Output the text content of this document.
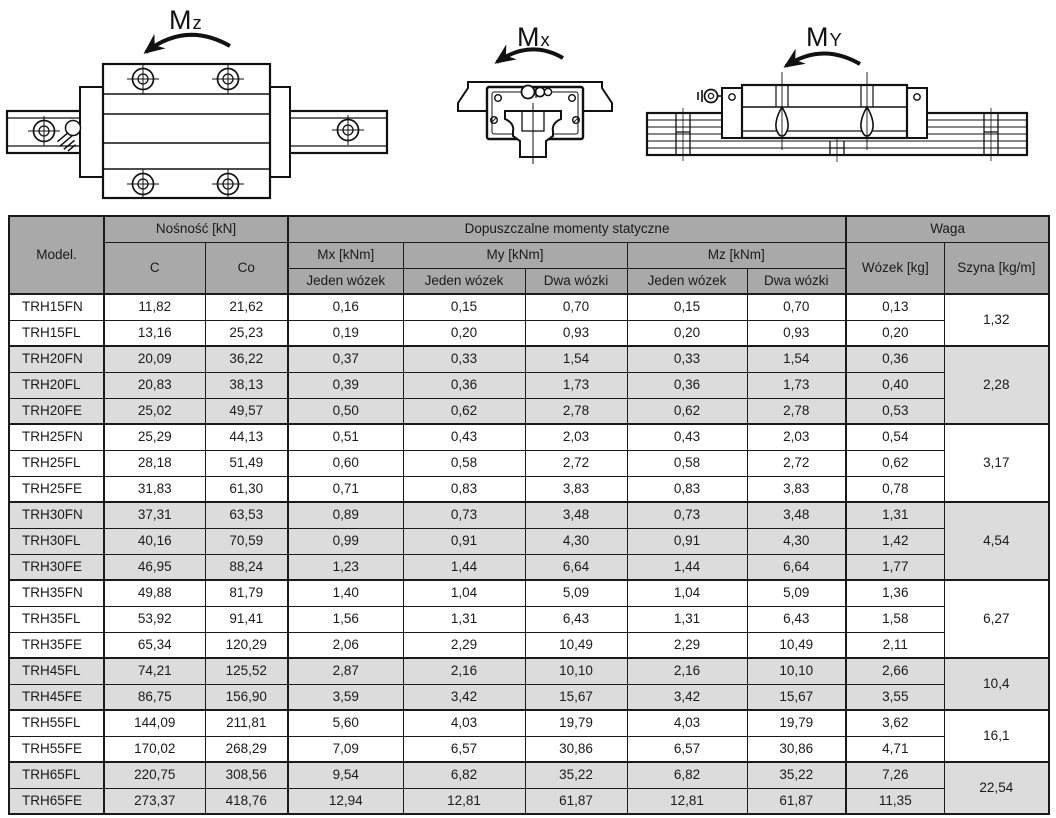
Mz	Mx	MY
Model.	Nośność [kN]		Dopuszczalne momenty statyczne					Waga	
	C	Co	Mx [kNm]	My [kNm]		Mz [kNm]		Wózek [kg]	Szyna [kg/m]
			Jeden wózek	Jeden wózek	Dwa wózki	Jeden wózek	Dwa wózki		
TRH15FN	11,82	21,62	0,16	0,15	0,70	0,15	0,70	0,13	1,32
TRH15FL	13,16	25,23	0,19	0,20	0,93	0,20	0,93	0,20	
TRH20FN	20,09	36,22	0,37	0,33	1,54	0,33	1,54	0,36	2,28
TRH20FL	20,83	38,13	0,39	0,36	1,73	0,36	1,73	0,40	
TRH20FE	25,02	49,57	0,50	0,62	2,78	0,62	2,78	0,53	
TRH25FN	25,29	44,13	0,51	0,43	2,03	0,43	2,03	0,54	3,17
TRH25FL	28,18	51,49	0,60	0,58	2,72	0,58	2,72	0,62	
TRH25FE	31,83	61,30	0,71	0,83	3,83	0,83	3,83	0,78	
TRH30FN	37,31	63,53	0,89	0,73	3,48	0,73	3,48	1,31	4,54
TRH30FL	40,16	70,59	0,99	0,91	4,30	0,91	4,30	1,42	
TRH30FE	46,95	88,24	1,23	1,44	6,64	1,44	6,64	1,77	
TRH35FN	49,88	81,79	1,40	1,04	5,09	1,04	5,09	1,36	6,27
TRH35FL	53,92	91,41	1,56	1,31	6,43	1,31	6,43	1,58	
TRH35FE	65,34	120,29	2,06	2,29	10,49	2,29	10,49	2,11	
TRH45FL	74,21	125,52	2,87	2,16	10,10	2,16	10,10	2,66	10,4
TRH45FE	86,75	156,90	3,59	3,42	15,67	3,42	15,67	3,55	
TRH55FL	144,09	211,81	5,60	4,03	19,79	4,03	19,79	3,62	16,1
TRH55FE	170,02	268,29	7,09	6,57	30,86	6,57	30,86	4,71	
TRH65FL	220,75	308,56	9,54	6,82	35,22	6,82	35,22	7,26	22,54
TRH65FE	273,37	418,76	12,94	12,81	61,87	12,81	61,87	11,35	
